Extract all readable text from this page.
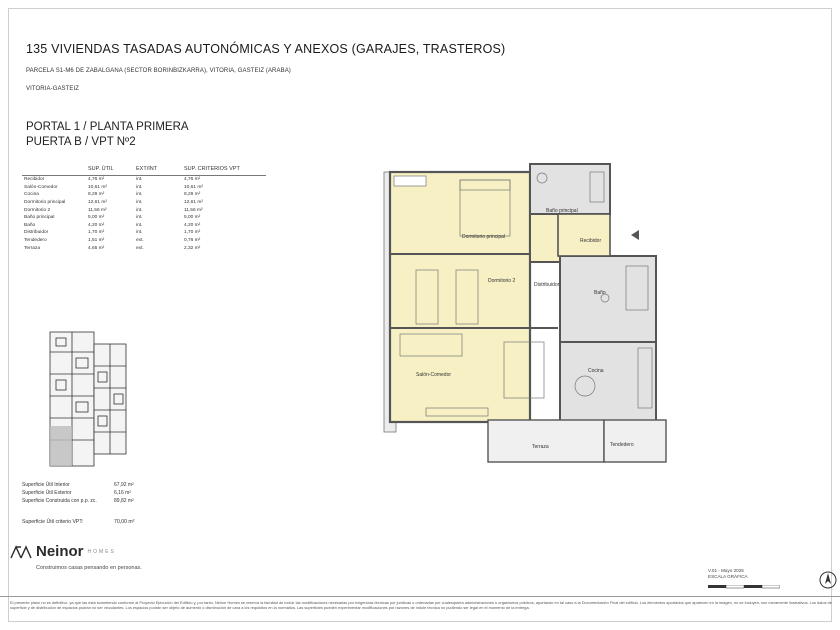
135 VIVIENDAS TASADAS AUTONÓMICAS Y ANEXOS (GARAJES, TRASTEROS)
PARCELA S1-M6 DE ZABALGANA (SECTOR BORINBIZKARRA), VITORIA, GASTEIZ (ARABA)
VITORIA-GASTEIZ
PORTAL 1 / PLANTA PRIMERA
PUERTA B / VPT Nº2
	SUP. ÚTIL	EXT/INT	SUP. CRITERIOS VPT
Recibidor	4,76 m²	int.	4,76 m²
Salón-Comedor	10,61 m²	int.	10,61 m²
Cocina	8,29 m²	int.	8,29 m²
Dormitorio principal	12,61 m²	int.	12,61 m²
Dormitorio 2	11,56 m²	int.	11,56 m²
Baño principal	5,00 m²	int.	5,00 m²
Baño	4,20 m²	int.	4,20 m²
Distribuidor	1,70 m²	int.	1,70 m²
Tendedero	1,51 m²	ext.	0,76 m²
Terraza	4,65 m²	ext.	2,32 m²
Superficie Útil Interior	67,92 m²
Superficie Útil Exterior	6,16 m²
Superficie Construida con p.p. zc.	89,82 m²
Superficie Útil criterio VPT:	70,00 m²
Neinor HOMES
Construimos casas pensando en personas.
Dormitorio principal
Baño principal
Recibidor
Dormitorio 2
Distribuidor
Baño
Salón-Comedor
Cocina
Terraza	Tendedero
V.01 - Mayo 2025
ESCALA GRÁFICA
El presente plano no es definitivo, ya que las está sometiendo conforme al Proyecto Ejecución del Edificio y, por tanto, Neinor Homes se reserva la facultad de incluir las modificaciones necesarias por exigencias técnicas por jurídicas o ordenadas por cualesquiera administraciones u organismos públicos, aportando en tal caso a la Documentación Final del edificio. Los elementos aportados que aparecen en la imagen, no se incluyen, son meramente ilustrativos. Los datos de superficie y de distribución de espacios podrán no ser vinculantes. Los espacios podrán ser objeto de aumento o disminución de cara a los requisitos en la normativa. Las superficies pueden experimentar modificaciones por razones de índole técnica no pudiendo ser legal en el momento de la entrega.
